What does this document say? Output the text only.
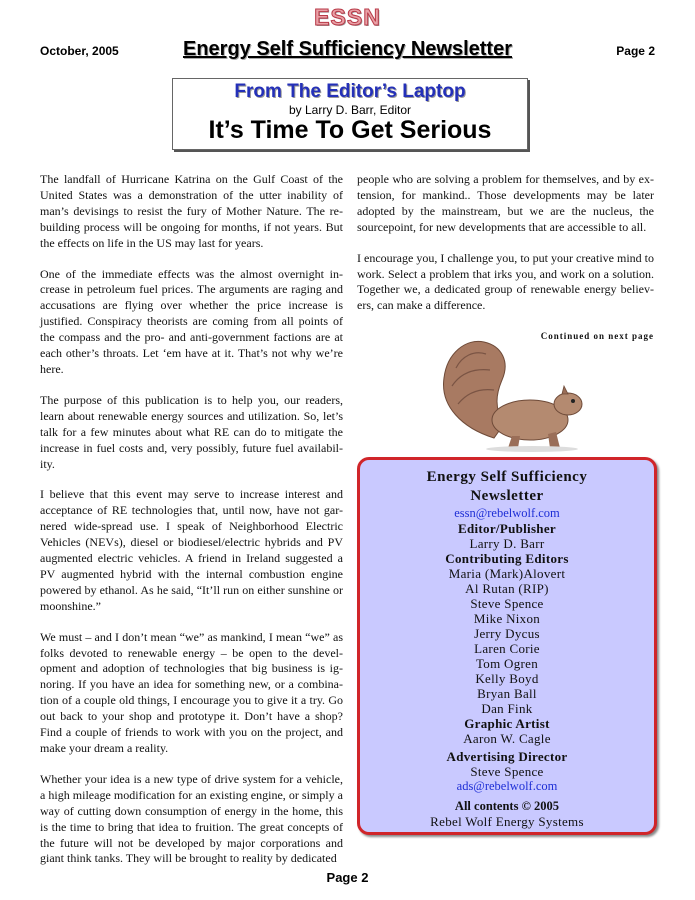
ESSN
October, 2005	Energy Self Sufficiency Newsletter	Page 2
From The Editor’s Laptop
by Larry D. Barr, Editor
It’s Time To Get Serious

The landfall of Hurricane Katrina on the Gulf Coast of the United States was a demonstration of the utter inability of man’s devisings to resist the fury of Mother Nature. The re-building process will be ongoing for months, if not years. But the effects on life in the US may last for years.

One of the immediate effects was the almost overnight in-crease in petroleum fuel prices. The arguments are raging and accusations are flying over whether the price increase is justified. Conspiracy theorists are coming from all points of the compass and the pro- and anti-government factions are at each other’s throats. Let ‘em have at it. That’s not why we’re here.

The purpose of this publication is to help you, our readers, learn about renewable energy sources and utilization. So, let’s talk for a few minutes about what RE can do to mitigate the increase in fuel costs and, very possibly, future fuel availabil-ity.

I believe that this event may serve to increase interest and acceptance of RE technologies that, until now, have not gar-nered wide-spread use. I speak of Neighborhood Electric Vehicles (NEVs), diesel or biodiesel/electric hybrids and PV augmented electric vehicles. A friend in Ireland suggested a PV augmented hybrid with the internal combustion engine powered by ethanol. As he said, “It’ll run on either sunshine or moonshine.”

We must – and I don’t mean “we” as mankind, I mean “we” as folks devoted to renewable energy – be open to the devel-opment and adoption of technologies that big business is ig-noring. If you have an idea for something new, or a combina-tion of a couple old things, I encourage you to give it a try. Go out back to your shop and prototype it. Don’t have a shop? Find a couple of friends to work with you on the project, and make your dream a reality.

Whether your idea is a new type of drive system for a vehicle, a high mileage modification for an existing engine, or simply a way of cutting down consumption of energy in the home, this is the time to bring that idea to fruition. The great concepts of the future will not be developed by major corporations and giant think tanks. They will be brought to reality by dedicated

people who are solving a problem for themselves, and by ex-tension, for mankind.. Those developments may be later adopted by the mainstream, but we are the nucleus, the sourcepoint, for new developments that are accessible to all.

I encourage you, I challenge you, to put your creative mind to work. Select a problem that irks you, and work on a solution. Together we, a dedicated group of renewable energy believ-ers, can make a difference.

Continued on next page
Energy Self Sufficiency
Newsletter
essn@rebelwolf.com
Editor/Publisher
Larry D. Barr
Contributing Editors
Maria (Mark)Alovert
Al Rutan (RIP)
Steve Spence
Mike Nixon
Jerry Dycus
Laren Corie
Tom Ogren
Kelly Boyd
Bryan Ball
Dan Fink
Graphic Artist
Aaron W. Cagle
Advertising Director
Steve Spence
ads@rebelwolf.com
All contents © 2005
Rebel Wolf Energy Systems
Page 2
